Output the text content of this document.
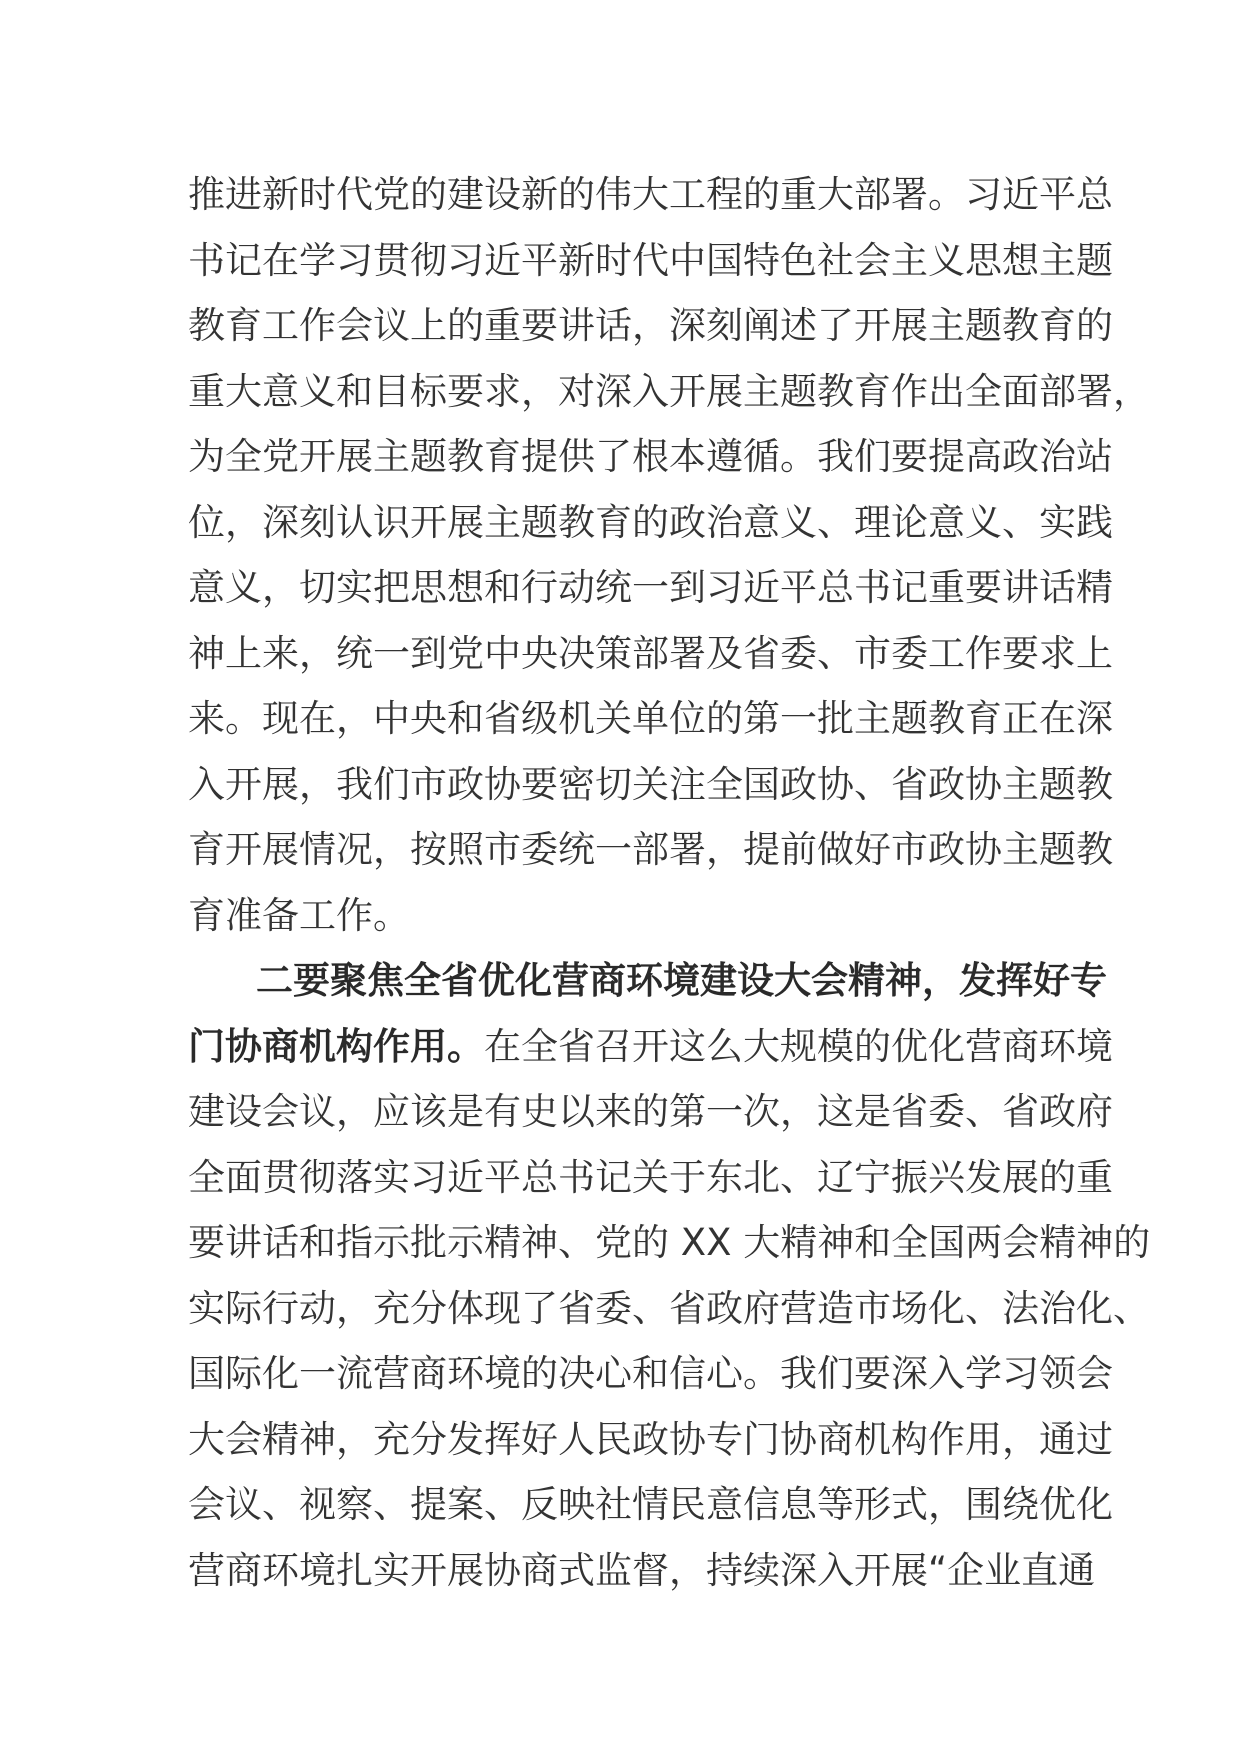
推进新时代党的建设新的伟大工程的重大部署。习近平总
书记在学习贯彻习近平新时代中国特色社会主义思想主题
教育工作会议上的重要讲话，深刻阐述了开展主题教育的
重大意义和目标要求，对深入开展主题教育作出全面部署，
为全党开展主题教育提供了根本遵循。我们要提高政治站
位，深刻认识开展主题教育的政治意义、理论意义、实践
意义，切实把思想和行动统一到习近平总书记重要讲话精
神上来，统一到党中央决策部署及省委、市委工作要求上
来。现在，中央和省级机关单位的第一批主题教育正在深
入开展，我们市政协要密切关注全国政协、省政协主题教
育开展情况，按照市委统一部署，提前做好市政协主题教
育准备工作。
二要聚焦全省优化营商环境建设大会精神，发挥好专
门协商机构作用。在全省召开这么大规模的优化营商环境
建设会议，应该是有史以来的第一次，这是省委、省政府
全面贯彻落实习近平总书记关于东北、辽宁振兴发展的重
要讲话和指示批示精神、党的 XX 大精神和全国两会精神的
实际行动，充分体现了省委、省政府营造市场化、法治化、
国际化一流营商环境的决心和信心。我们要深入学习领会
大会精神，充分发挥好人民政协专门协商机构作用，通过
会议、视察、提案、反映社情民意信息等形式，围绕优化
营商环境扎实开展协商式监督，持续深入开展“企业直通
